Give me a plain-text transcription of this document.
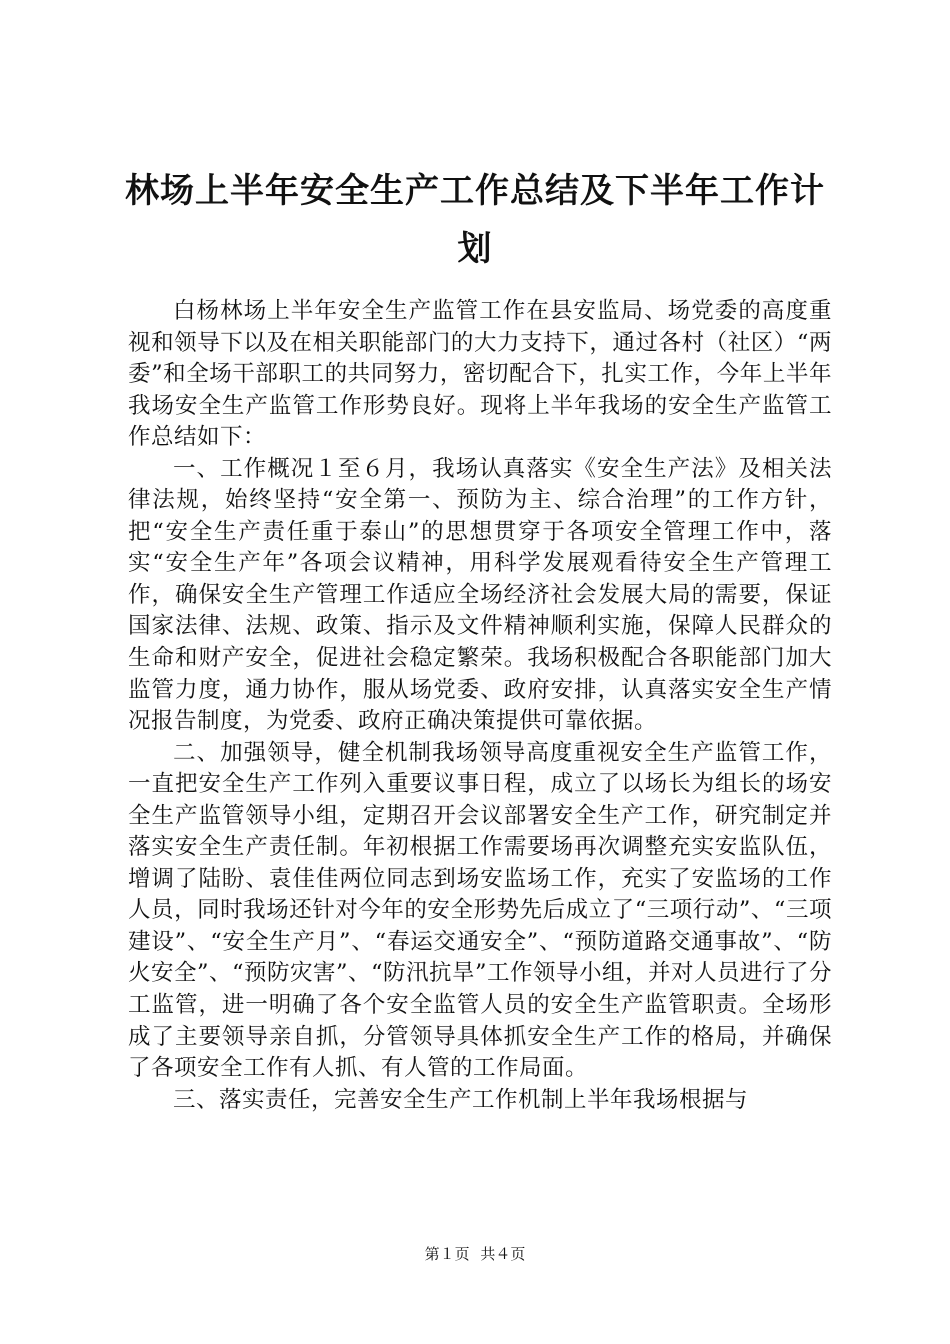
林场上半年安全生产工作总结及下半年工作计划

白杨林场上半年安全生产监管工作在县安监局、场党委的高度重视和领导下以及在相关职能部门的大力支持下，通过各村（社区）“两委”和全场干部职工的共同努力，密切配合下，扎实工作，今年上半年我场安全生产监管工作形势良好。现将上半年我场的安全生产监管工作总结如下：

一、工作概况１至６月，我场认真落实《安全生产法》及相关法律法规，始终坚持“安全第一、预防为主、综合治理”的工作方针，把“安全生产责任重于泰山”的思想贯穿于各项安全管理工作中，落实“安全生产年”各项会议精神，用科学发展观看待安全生产管理工作，确保安全生产管理工作适应全场经济社会发展大局的需要，保证国家法律、法规、政策、指示及文件精神顺利实施，保障人民群众的生命和财产安全，促进社会稳定繁荣。我场积极配合各职能部门加大监管力度，通力协作，服从场党委、政府安排，认真落实安全生产情况报告制度，为党委、政府正确决策提供可靠依据。

二、加强领导，健全机制我场领导高度重视安全生产监管工作，一直把安全生产工作列入重要议事日程，成立了以场长为组长的场安全生产监管领导小组，定期召开会议部署安全生产工作，研究制定并落实安全生产责任制。年初根据工作需要场再次调整充实安监队伍，增调了陆盼、袁佳佳两位同志到场安监场工作，充实了安监场的工作人员，同时我场还针对今年的安全形势先后成立了“三项行动”、“三项建设”、“安全生产月”、“春运交通安全”、“预防道路交通事故”、“防火安全”、“预防灾害”、“防汛抗旱”工作领导小组，并对人员进行了分工监管，进一明确了各个安全监管人员的安全生产监管职责。全场形成了主要领导亲自抓，分管领导具体抓安全生产工作的格局，并确保了各项安全工作有人抓、有人管的工作局面。

三、落实责任，完善安全生产工作机制上半年我场根据与

第１页 共４页
